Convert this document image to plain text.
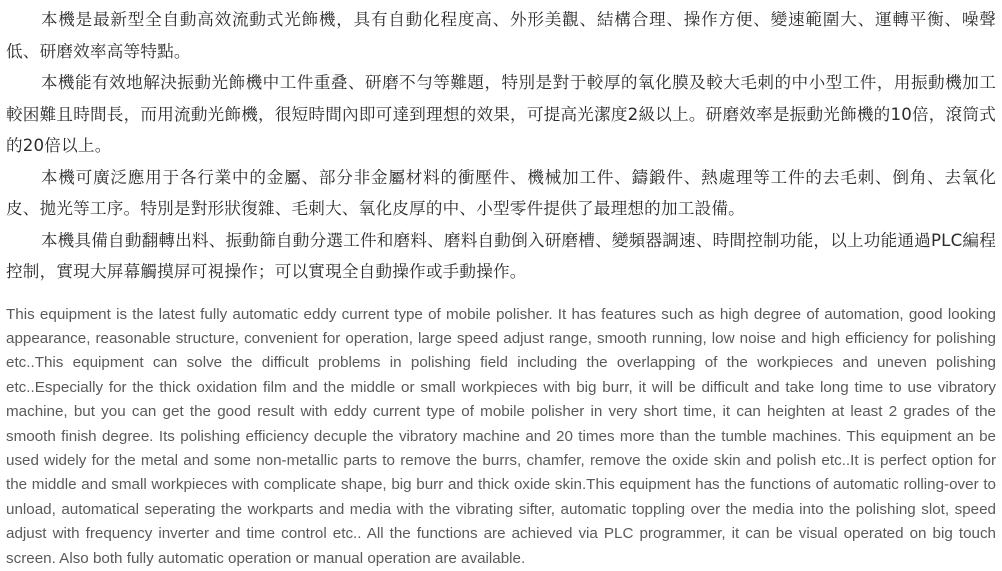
本機是最新型全自動高效流動式光飾機，具有自動化程度高、外形美觀、結構合理、操作方便、變速範圍大、運轉平衡、噪聲低、研磨效率高等特點。

本機能有效地解決振動光飾機中工件重叠、研磨不勻等難題，特別是對于較厚的氧化膜及較大毛刺的中小型工件，用振動機加工較困難且時間長，而用流動光飾機，很短時間內即可達到理想的效果，可提高光潔度2級以上。研磨效率是振動光飾機的10倍，滾筒式的20倍以上。

本機可廣泛應用于各行業中的金屬、部分非金屬材料的衝壓件、機械加工件、鑄鍛件、熱處理等工件的去毛刺、倒角、去氧化皮、拋光等工序。特別是對形狀復雜、毛刺大、氧化皮厚的中、小型零件提供了最理想的加工設備。

本機具備自動翻轉出料、振動篩自動分選工件和磨料、磨料自動倒入研磨槽、變頻器調速、時間控制功能，以上功能通過PLC編程控制，實現大屏幕觸摸屏可視操作；可以實現全自動操作或手動操作。

This equipment is the latest fully automatic eddy current type of mobile polisher. It has features such as high degree of automation, good looking appearance, reasonable structure, convenient for operation, large speed adjust range, smooth running, low noise and high efficiency for polishing etc..This equipment can solve the difficult problems in polishing field including the overlapping of the workpieces and uneven polishing etc..Especially for the thick oxidation film and the middle or small workpieces with big burr, it will be difficult and take long time to use vibratory machine, but you can get the good result with eddy current type of mobile polisher in very short time, it can heighten at least 2 grades of the smooth finish degree. Its polishing efficiency decuple the vibratory machine and 20 times more than the tumble machines. This equipment an be used widely for the metal and some non-metallic parts to remove the burrs, chamfer, remove the oxide skin and polish etc..It is perfect option for the middle and small workpieces with complicate shape, big burr and thick oxide skin.This equipment has the functions of automatic rolling-over to unload, automatical seperating the workparts and media with the vibrating sifter, automatic toppling over the media into the polishing slot, speed adjust with frequency inverter and time control etc.. All the functions are achieved via PLC programmer, it can be visual operated on big touch screen. Also both fully automatic operation or manual operation are available.
